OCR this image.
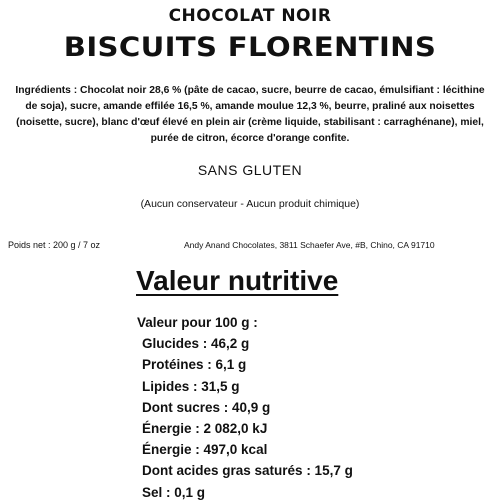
CHOCOLAT NOIR
BISCUITS FLORENTINS
Ingrédients : Chocolat noir 28,6 % (pâte de cacao, sucre, beurre de cacao, émulsifiant : lécithine de soja), sucre, amande effilée 16,5 %, amande moulue 12,3 %, beurre, praliné aux noisettes (noisette, sucre), blanc d'œuf élevé en plein air (crème liquide, stabilisant : carraghénane), miel, purée de citron, écorce d'orange confite.
SANS GLUTEN
(Aucun conservateur - Aucun produit chimique)
Poids net : 200 g / 7 oz	Andy Anand Chocolates, 3811 Schaefer Ave, #B, Chino, CA 91710
Valeur nutritive
Valeur pour 100 g :
Glucides : 46,2 g
Protéines : 6,1 g
Lipides : 31,5 g
Dont sucres : 40,9 g
Énergie : 2 082,0 kJ
Énergie : 497,0 kcal
Dont acides gras saturés : 15,7 g
Sel : 0,1 g
